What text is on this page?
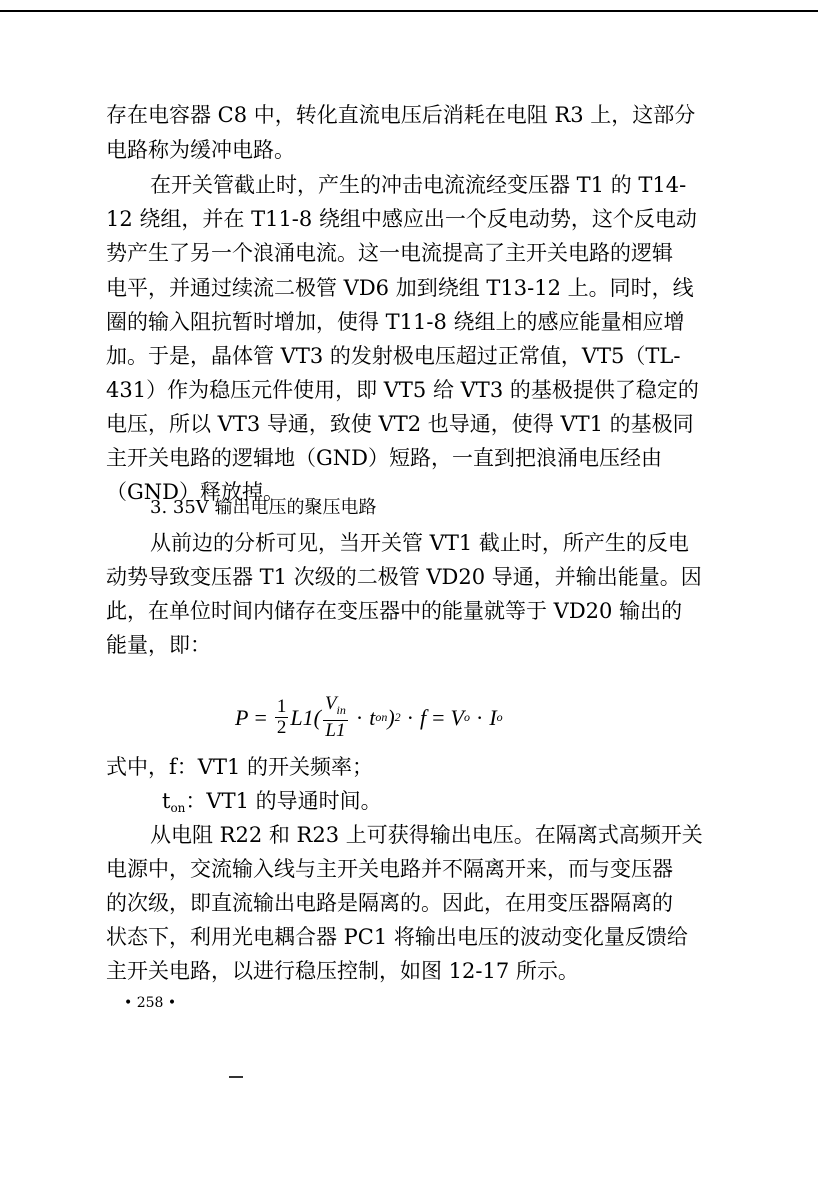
存在电容器 C8 中，转化直流电压后消耗在电阻 R3 上，这部分
电路称为缓冲电路。
在开关管截止时，产生的冲击电流流经变压器 T1 的 T14-
12 绕组，并在 T11-8 绕组中感应出一个反电动势，这个反电动
势产生了另一个浪涌电流。这一电流提高了主开关电路的逻辑
电平，并通过续流二极管 VD6 加到绕组 T13-12 上。同时，线
圈的输入阻抗暂时增加，使得 T11-8 绕组上的感应能量相应增
加。于是，晶体管 VT3 的发射极电压超过正常值，VT5（TL-
431）作为稳压元件使用，即 VT5 给 VT3 的基极提供了稳定的
电压，所以 VT3 导通，致使 VT2 也导通，使得 VT1 的基极同
主开关电路的逻辑地（GND）短路，一直到把浪涌电压经由
（GND）释放掉。
3. 35V 输出电压的聚压电路
从前边的分析可见，当开关管 VT1 截止时，所产生的反电
动势导致变压器 T1 次级的二极管 VD20 导通，并输出能量。因
此，在单位时间内储存在变压器中的能量就等于 VD20 输出的
能量，即：
$P = \frac{1}{2} L1( \frac{V_{in}}{L1} \cdot t$ on ) 2 · f = V o · I o
式中，f：VT1 的开关频率；
ton：VT1 的导通时间。
从电阻 R22 和 R23 上可获得输出电压。在隔离式高频开关
电源中，交流输入线与主开关电路并不隔离开来，而与变压器
的次级，即直流输出电路是隔离的。因此，在用变压器隔离的
状态下，利用光电耦合器 PC1 将输出电压的波动变化量反馈给
主开关电路，以进行稳压控制，如图 12-17 所示。
• 258 •
